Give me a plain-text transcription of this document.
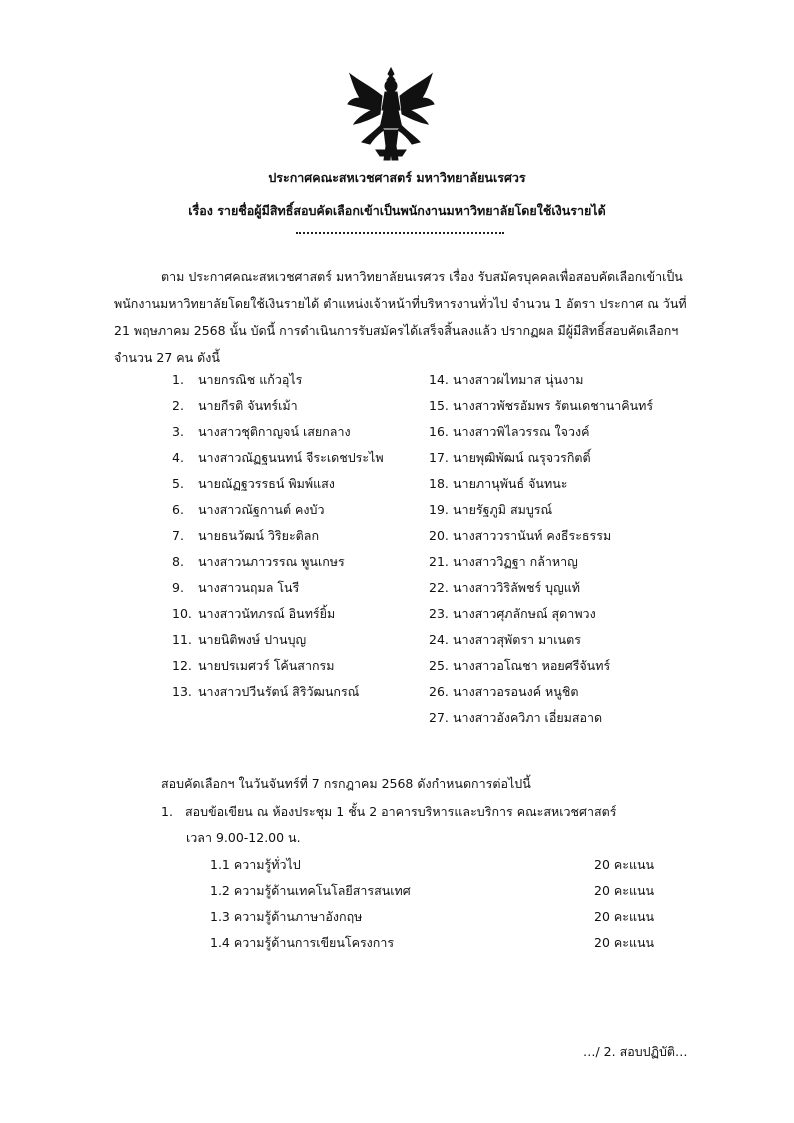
ประกาศคณะสหเวชศาสตร์ มหาวิทยาลัยนเรศวร
เรื่อง รายชื่อผู้มีสิทธิ์สอบคัดเลือกเข้าเป็นพนักงานมหาวิทยาลัยโดยใช้เงินรายได้
ตาม ประกาศคณะสหเวชศาสตร์ มหาวิทยาลัยนเรศวร เรื่อง รับสมัครบุคคลเพื่อสอบคัดเลือกเข้าเป็น
พนักงานมหาวิทยาลัยโดยใช้เงินรายได้ ตำแหน่งเจ้าหน้าที่บริหารงานทั่วไป จำนวน 1 อัตรา ประกาศ ณ วันที่
21 พฤษภาคม 2568 นั้น บัดนี้ การดำเนินการรับสมัครได้เสร็จสิ้นลงแล้ว ปรากฏผล มีผู้มีสิทธิ์สอบคัดเลือกฯ
จำนวน 27 คน ดังนี้
1. นายกรณิช แก้วอุไร
2. นายกีรติ จันทร์เม้า
3. นางสาวชุติกาญจน์ เสยกลาง
4. นางสาวณัฏฐนนทน์ จีระเดชประไพ
5. นายณัฏฐวรรธน์ พิมพ์แสง
6. นางสาวณัฐกานต์ คงบัว
7. นายธนวัฒน์ วิริยะติลก
8. นางสาวนภาวรรณ พูนเกษร
9. นางสาวนฤมล โนรี
10. นางสาวนัทภรณ์ อินทร์ยิ้ม
11. นายนิติพงษ์ ปานบุญ
12. นายปรเมศวร์ โค้นสากรม
13. นางสาวปวีนรัตน์ สิริวัฒนกรณ์
14. นางสาวผไทมาส นุ่นงาม
15. นางสาวพัชรอัมพร รัตนเดชานาคินทร์
16. นางสาวพิไลวรรณ ใจวงค์
17. นายพุฒิพัฒน์ ณรุจวรกิตติ์
18. นายภานุพันธ์ จันทนะ
19. นายรัฐภูมิ สมบูรณ์
20. นางสาววรานันท์ คงธีระธรรม
21. นางสาววิฏฐา กล้าหาญ
22. นางสาววิริลัพชร์ บุญแท้
23. นางสาวศุภลักษณ์ สุดาพวง
24. นางสาวสุพัตรา มาเนตร
25. นางสาวอโณชา หอยศรีจันทร์
26. นางสาวอรอนงค์ หนูชิต
27. นางสาวอังควิภา เอี่ยมสอาด
สอบคัดเลือกฯ ในวันจันทร์ที่ 7 กรกฎาคม 2568 ดังกำหนดการต่อไปนี้
1. สอบข้อเขียน ณ ห้องประชุม 1 ชั้น 2 อาคารบริหารและบริการ คณะสหเวชศาสตร์
เวลา 9.00-12.00 น.
1.1 ความรู้ทั่วไป	20 คะแนน
1.2 ความรู้ด้านเทคโนโลยีสารสนเทศ	20 คะแนน
1.3 ความรู้ด้านภาษาอังกฤษ	20 คะแนน
1.4 ความรู้ด้านการเขียนโครงการ	20 คะแนน
…/ 2. สอบปฏิบัติ…
